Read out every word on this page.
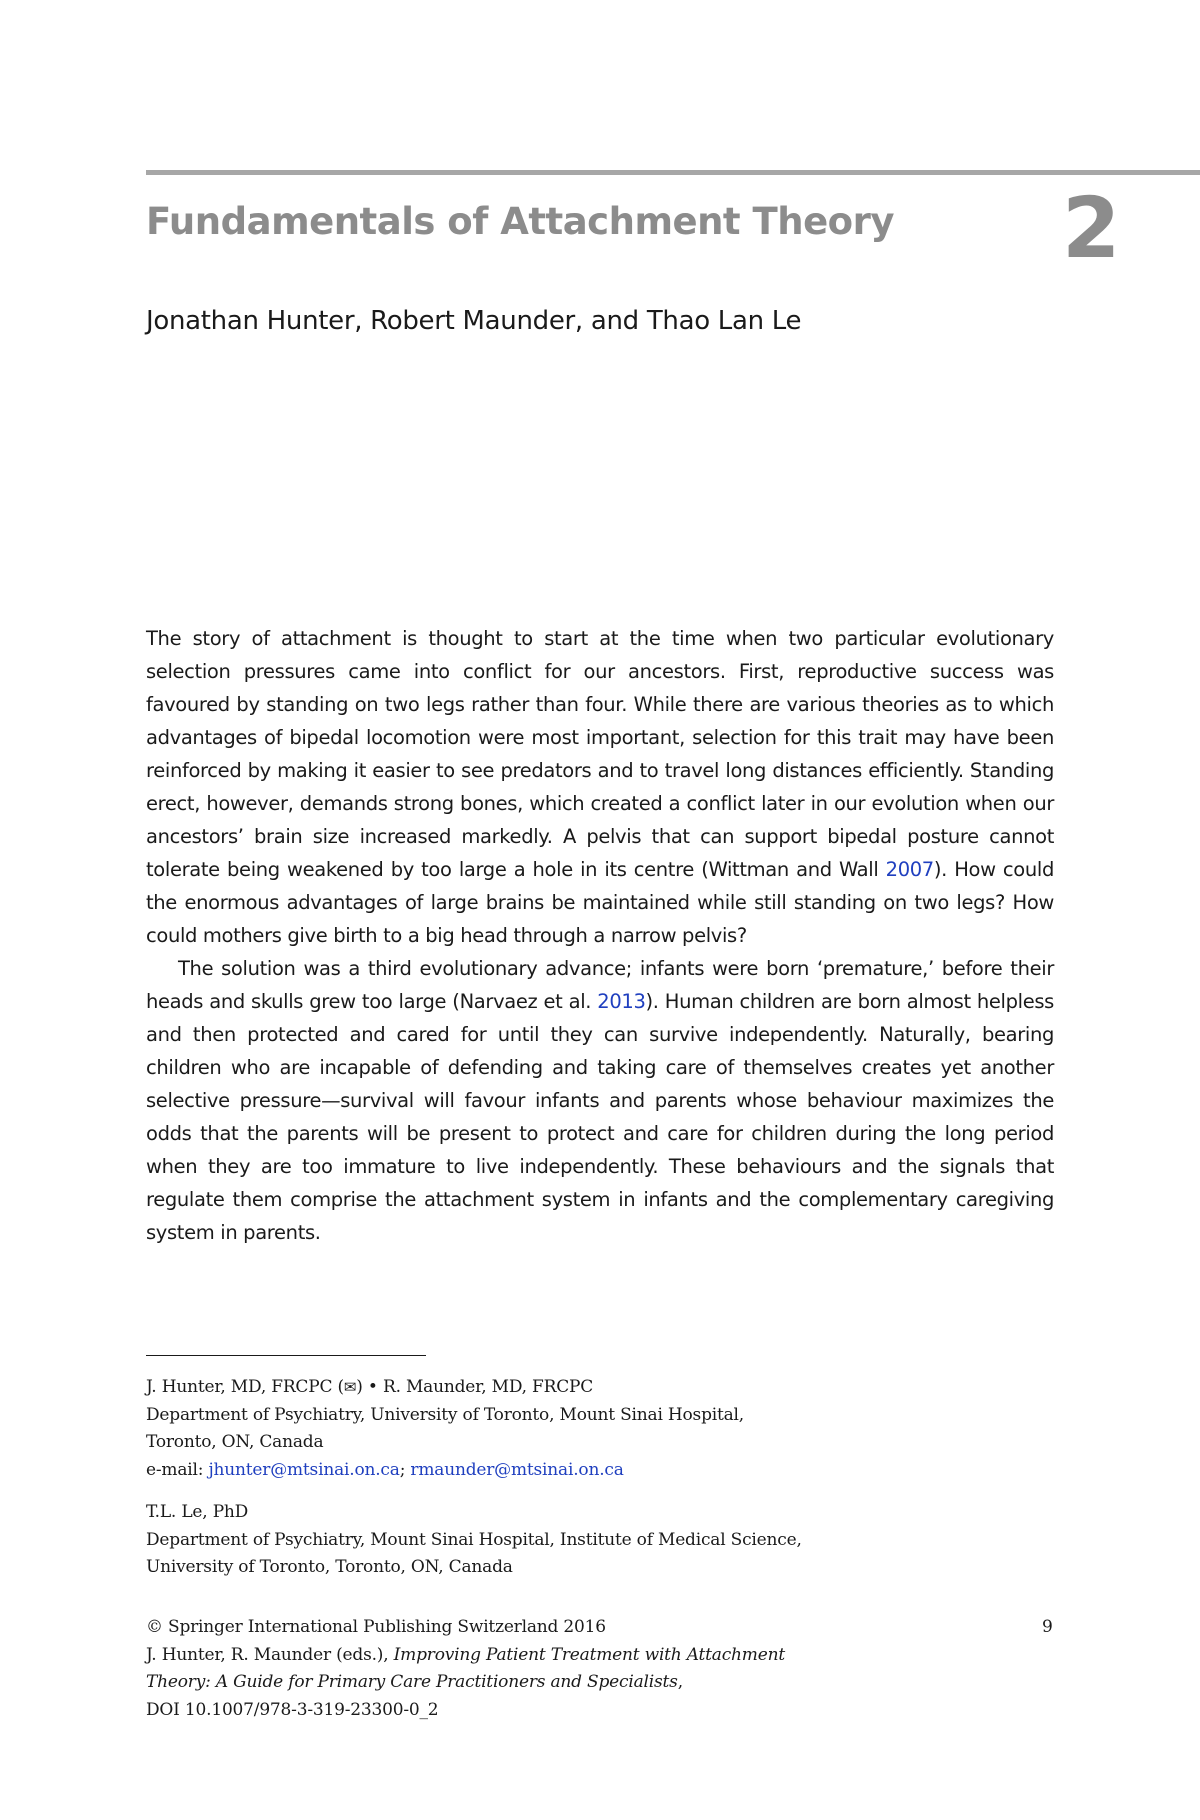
Fundamentals of Attachment Theory 2
Jonathan Hunter, Robert Maunder, and Thao Lan Le

The story of attachment is thought to start at the time when two particular evolutionary selection pressures came into conflict for our ancestors. First, reproductive success was favoured by standing on two legs rather than four. While there are various theories as to which advantages of bipedal locomotion were most important, selection for this trait may have been reinforced by making it easier to see predators and to travel long distances efficiently. Standing erect, however, demands strong bones, which created a conflict later in our evolution when our ancestors’ brain size increased markedly. A pelvis that can support bipedal posture cannot tolerate being weakened by too large a hole in its centre (Wittman and Wall 2007). How could the enormous advantages of large brains be maintained while still standing on two legs? How could mothers give birth to a big head through a narrow pelvis?

The solution was a third evolutionary advance; infants were born ‘premature,’ before their heads and skulls grew too large (Narvaez et al. 2013). Human children are born almost helpless and then protected and cared for until they can survive independently. Naturally, bearing children who are incapable of defending and taking care of themselves creates yet another selective pressure—survival will favour infants and parents whose behaviour maximizes the odds that the parents will be present to protect and care for children during the long period when they are too immature to live independently. These behaviours and the signals that regulate them comprise the attachment system in infants and the complementary caregiving system in parents.

J. Hunter, MD, FRCPC (✉) • R. Maunder, MD, FRCPC
Department of Psychiatry, University of Toronto, Mount Sinai Hospital,
Toronto, ON, Canada
e-mail: jhunter@mtsinai.on.ca; rmaunder@mtsinai.on.ca
T.L. Le, PhD
Department of Psychiatry, Mount Sinai Hospital, Institute of Medical Science,
University of Toronto, Toronto, ON, Canada
© Springer International Publishing Switzerland 2016
J. Hunter, R. Maunder (eds.), Improving Patient Treatment with Attachment
Theory: A Guide for Primary Care Practitioners and Specialists,
DOI 10.1007/978-3-319-23300-0_2
9
